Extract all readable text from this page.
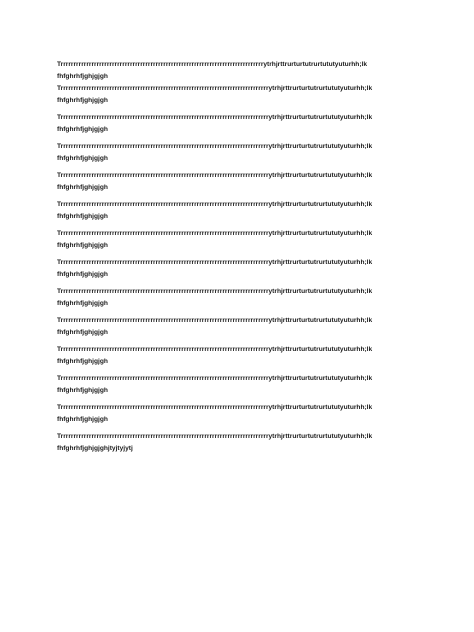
Trrrrrrrrrrrrrrrrrrrrrrrrrrrrrrrrrrrrrrrrrrrrrrrrrrrrrrrrrrrrrrrrrrrrrrrrrrrrrrrytrhjrttrurturtutrurtututyuturhh;lk
fhfghrhfjghjgjgh

Trrrrrrrrrrrrrrrrrrrrrrrrrrrrrrrrrrrrrrrrrrrrrrrrrrrrrrrrrrrrrrrrrrrrrrrrrrrrrrrrrytrhjrttrurturtutrurtututyuturhh;lk
fhfghrhfjghjgjgh

Trrrrrrrrrrrrrrrrrrrrrrrrrrrrrrrrrrrrrrrrrrrrrrrrrrrrrrrrrrrrrrrrrrrrrrrrrrrrrrrrrytrhjrttrurturtutrurtututyuturhh;lk
fhfghrhfjghjgjgh

Trrrrrrrrrrrrrrrrrrrrrrrrrrrrrrrrrrrrrrrrrrrrrrrrrrrrrrrrrrrrrrrrrrrrrrrrrrrrrrrrrytrhjrttrurturtutrurtututyuturhh;lk
fhfghrhfjghjgjgh

Trrrrrrrrrrrrrrrrrrrrrrrrrrrrrrrrrrrrrrrrrrrrrrrrrrrrrrrrrrrrrrrrrrrrrrrrrrrrrrrrrytrhjrttrurturtutrurtututyuturhh;lk
fhfghrhfjghjgjgh

Trrrrrrrrrrrrrrrrrrrrrrrrrrrrrrrrrrrrrrrrrrrrrrrrrrrrrrrrrrrrrrrrrrrrrrrrrrrrrrrrrytrhjrttrurturtutrurtututyuturhh;lk
fhfghrhfjghjgjgh

Trrrrrrrrrrrrrrrrrrrrrrrrrrrrrrrrrrrrrrrrrrrrrrrrrrrrrrrrrrrrrrrrrrrrrrrrrrrrrrrrrytrhjrttrurturtutrurtututyuturhh;lk
fhfghrhfjghjgjgh

Trrrrrrrrrrrrrrrrrrrrrrrrrrrrrrrrrrrrrrrrrrrrrrrrrrrrrrrrrrrrrrrrrrrrrrrrrrrrrrrrrytrhjrttrurturtutrurtututyuturhh;lk
fhfghrhfjghjgjgh

Trrrrrrrrrrrrrrrrrrrrrrrrrrrrrrrrrrrrrrrrrrrrrrrrrrrrrrrrrrrrrrrrrrrrrrrrrrrrrrrrrytrhjrttrurturtutrurtututyuturhh;lk
fhfghrhfjghjgjgh

Trrrrrrrrrrrrrrrrrrrrrrrrrrrrrrrrrrrrrrrrrrrrrrrrrrrrrrrrrrrrrrrrrrrrrrrrrrrrrrrrrytrhjrttrurturtutrurtututyuturhh;lk
fhfghrhfjghjgjgh

Trrrrrrrrrrrrrrrrrrrrrrrrrrrrrrrrrrrrrrrrrrrrrrrrrrrrrrrrrrrrrrrrrrrrrrrrrrrrrrrrrytrhjrttrurturtutrurtututyuturhh;lk
fhfghrhfjghjgjgh

Trrrrrrrrrrrrrrrrrrrrrrrrrrrrrrrrrrrrrrrrrrrrrrrrrrrrrrrrrrrrrrrrrrrrrrrrrrrrrrrrrytrhjrttrurturtutrurtututyuturhh;lk
fhfghrhfjghjgjgh

Trrrrrrrrrrrrrrrrrrrrrrrrrrrrrrrrrrrrrrrrrrrrrrrrrrrrrrrrrrrrrrrrrrrrrrrrrrrrrrrrrytrhjrttrurturtutrurtututyuturhh;lk
fhfghrhfjghjgjgh

Trrrrrrrrrrrrrrrrrrrrrrrrrrrrrrrrrrrrrrrrrrrrrrrrrrrrrrrrrrrrrrrrrrrrrrrrrrrrrrrrrytrhjrttrurturtutrurtututyuturhh;lk
fhfghrhfjghjgjghjtyjtyjytj
